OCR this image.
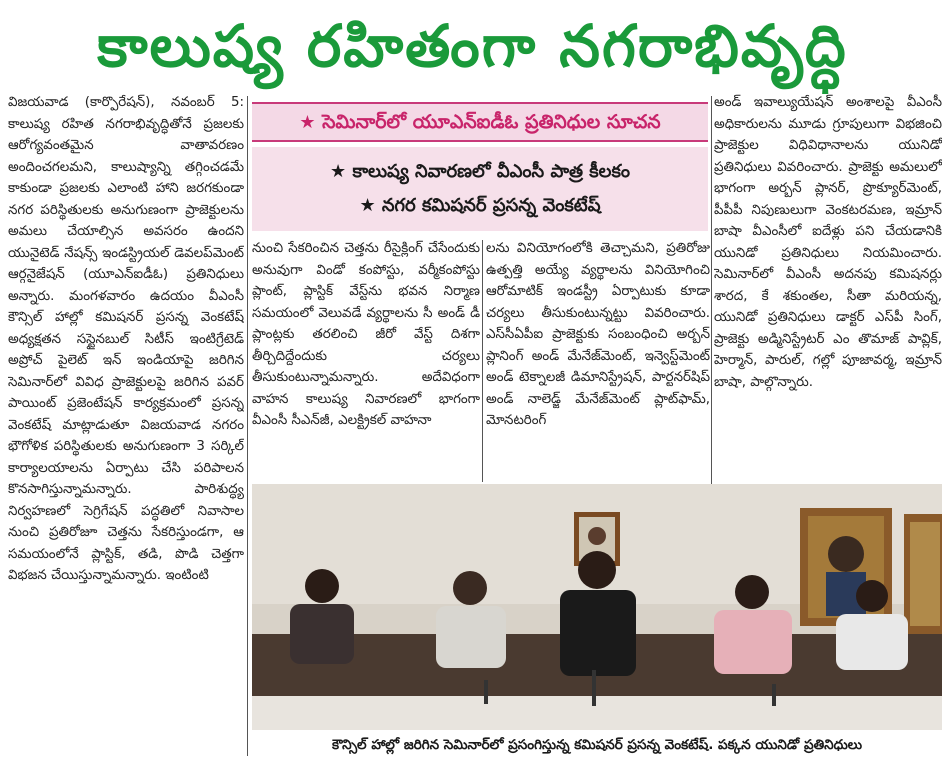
కాలుష్య రహితంగా నగరాభివృద్ధి

విజయవాడ (కార్పొరేషన్), నవంబర్ 5: కాలుష్య రహిత నగరాభివృద్ధితోనే ప్రజలకు ఆరోగ్యవంతమైన వాతావరణం అందించగలమని, కాలుష్యాన్ని తగ్గించడమే కాకుండా ప్రజలకు ఎలాంటి హాని జరగకుండా నగర పరిస్థితులకు అనుగుణంగా ప్రాజెక్టులను అమలు చేయాల్సిన అవసరం ఉందని యునైటెడ్ నేషన్స్ ఇండస్ట్రియల్ డెవలప్‌మెంట్ ఆర్గనైజేషన్ (యూఎన్ఐడీఓ) ప్రతినిధులు అన్నారు. మంగళవారం ఉదయం వీఎంసీ కౌన్సిల్ హాల్లో కమిషనర్ ప్రసన్న వెంకటేష్ అధ్యక్షతన సస్టైనబుల్ సిటీస్ ఇంటిగ్రేటెడ్ అప్రోచ్ పైలెట్ ఇన్ ఇండియాపై జరిగిన సెమినార్‌లో వివిధ ప్రాజెక్టులపై జరిగిన పవర్ పాయింట్ ప్రజెంటేషన్ కార్యక్రమంలో ప్రసన్న వెంకటేష్ మాట్లాడుతూ విజయవాడ నగరం భౌగోళిక పరిస్థితులకు అనుగుణంగా 3 సర్కిల్ కార్యాలయాలను ఏర్పాటు చేసి పరిపాలన కొనసాగిస్తున్నామన్నారు. పారిశుద్ధ్య నిర్వహణలో సెగ్రిగేషన్ పద్ధతిలో నివాసాల నుంచి ప్రతిరోజూ చెత్తను సేకరిస్తుండగా, ఆ సమయంలోనే ప్లాస్టిక్, తడి, పొడి చెత్తగా విభజన చేయిస్తున్నామన్నారు. ఇంటింటి

★ సెమినార్‌లో యూఎన్ఐడీఓ ప్రతినిధుల సూచన
★ కాలుష్య నివారణలో వీఎంసీ పాత్ర కీలకం
★ నగర కమిషనర్ ప్రసన్న వెంకటేష్

నుంచి సేకరించిన చెత్తను రీసైక్లింగ్ చేసేందుకు అనువుగా విండో కంపోస్టు, వర్మీకంపోస్టు ప్లాంట్, ప్లాస్టిక్ వేస్ట్‌ను భవన నిర్మాణ సమయంలో వెలువడే వ్యర్థాలను సీ అండ్ డీ ప్లాంట్లకు తరలించి జీరో వేస్ట్ దిశగా తీర్చిదిద్దేందుకు చర్యలు తీసుకుంటున్నామన్నారు. అదేవిధంగా వాహన కాలుష్య నివారణలో భాగంగా వీఎంసీ సీఎన్‌జీ, ఎలక్ట్రికల్ వాహనా

లను వినియోగంలోకి తెచ్చామని, ప్రతిరోజు ఉత్పత్తి అయ్యే వ్యర్థాలను వినియోగించి ఆరోమాటిక్ ఇండస్ట్రీ ఏర్పాటుకు కూడా చర్యలు తీసుకుంటున్నట్టు వివరించారు. ఎస్‌సీఏపీఐ ప్రాజెక్టుకు సంబంధించి అర్బన్ ప్లానింగ్ అండ్ మేనేజ్‌మెంట్, ఇన్వెస్ట్‌మెంట్ అండ్ టెక్నాలజీ డిమానిస్ట్రేషన్, పార్టనర్‌షిప్ అండ్ నాలెడ్జ్ మేనేజ్‌మెంట్ ప్లాట్‌ఫామ్, మోనటరింగ్

అండ్ ఇవాల్యుయేషన్ అంశాలపై వీఎంసీ అధికారులను మూడు గ్రూపులుగా విభజించి ప్రాజెక్టుల విధివిధానాలను యునిడో ప్రతినిధులు వివరించారు. ప్రాజెక్టు అమలులో భాగంగా అర్బన్ ప్లానర్, ప్రొక్యూర్‌మెంట్, పీపీపీ నిపుణులుగా వెంకటరమణ, ఇమ్రాన్ బాషా వీఎంసీలో ఐదేళ్లు పని చేయడానికి యునిడో ప్రతినిధులు నియమించారు. సెమినార్‌లో వీఎంసీ అదనపు కమిషనర్లు శారద, కే శకుంతల, సీతా మరియన్న, యునిడో ప్రతినిధులు డాక్టర్ ఎస్‌పీ సింగ్, ప్రాజెక్టు అడ్మినిస్ట్రేటర్ ఎం తొమాజ్ పావ్లిక్, హెర్మాన్, పారుల్, గల్లో పూజావర్మ, ఇమ్రాన్ బాషా, పాల్గొన్నారు.

కౌన్సిల్ హాల్లో జరిగిన సెమినార్‌లో ప్రసంగిస్తున్న కమిషనర్ ప్రసన్న వెంకటేష్. పక్కన యునిడో ప్రతినిధులు
